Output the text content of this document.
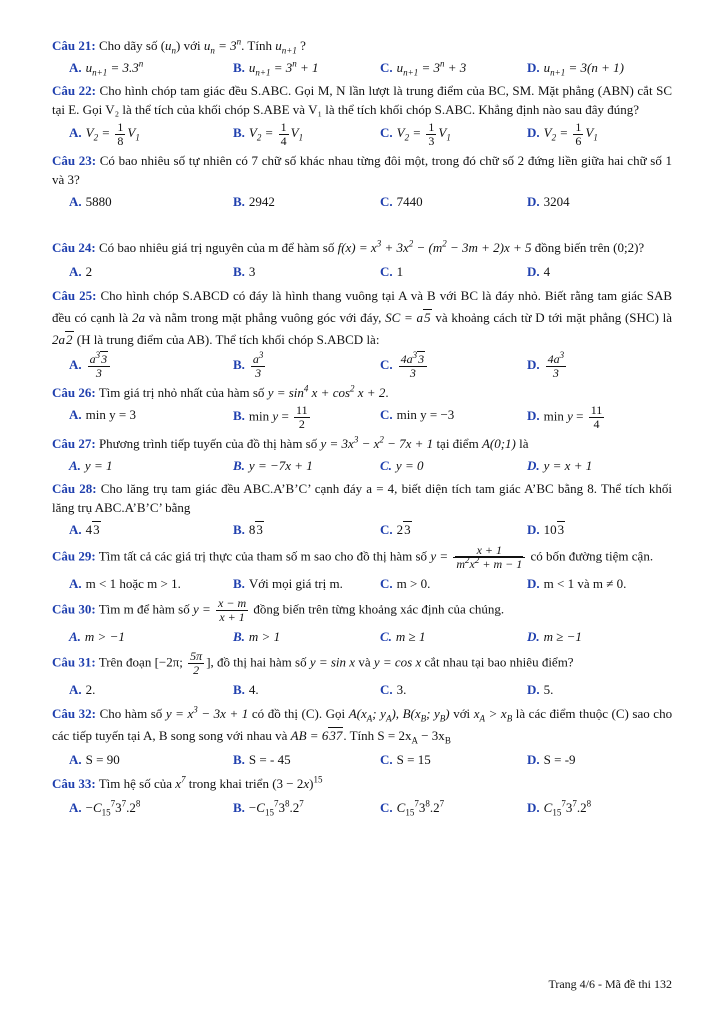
Câu 21: Cho dãy số $(u_n)$ với $u_n = 3^n$. Tính $u_{n+1}$ ?

A. $u_{n+1} = 3.3^n$	B. $u_{n+1} = 3^n + 1$	C. $u_{n+1} = 3^n + 3$	D. $u_{n+1} = 3(n + 1)$

Câu 22: Cho hình chóp tam giác đều S.ABC. Gọi M, N lần lượt là trung điểm của BC, SM. Mặt phẳng (ABN) cắt SC tại E. Gọi V₂ là thể tích của khối chóp S.ABE và V₁ là thể tích khối chóp S.ABC. Khẳng định nào sau đây đúng?

A. $V_2 = \frac{1}{8} V_1$	B. $V_2 = \frac{1}{4} V_1$	C. $V_2 = \frac{1}{3} V_1$	D. $V_2 = \frac{1}{6} V_1$

Câu 23: Có bao nhiêu số tự nhiên có 7 chữ số khác nhau từng đôi một, trong đó chữ số 2 đứng liền giữa hai chữ số 1 và 3?

A. 5880	B. 2942	C. 7440	D. 3204

Câu 24: Có bao nhiêu giá trị nguyên của m để hàm số $f(x) = x^3 + 3x^2 - (m^2 - 3m + 2)x + 5$ đồng biến trên (0;2)?

A. 2	B. 3	C. 1	D. 4

Câu 25: Cho hình chóp S.ABCD có đáy là hình thang vuông tại A và B với BC là đáy nhỏ. Biết rằng tam giác SAB đều có cạnh là 2a và nằm trong mặt phẳng vuông góc với đáy, SC = a5 và khoảng cách từ D tới mặt phẳng (SHC) là 2a2 (H là trung điểm của AB). Thể tích khối chóp S.ABCD là:

A. $\frac{a^33}{3}$	B. $\frac{a^3}{3}$	C. $\frac{4a^33}{3}$	D. $\frac{4a^3}{3}$

Câu 26: Tìm giá trị nhỏ nhất của hàm số $y = \sin^4 x + \cos^2 x + 2$.

A. min y = 3	B. $\min y = \frac{11}{2}$	C. min y = −3	D. $\min y = \frac{11}{4}$

Câu 27: Phương trình tiếp tuyến của đồ thị hàm số $y = 3x^3 - x^2 - 7x + 1$ tại điểm A(0;1) là

A. y = 1	B. y = −7x + 1	C. y = 0	D. y = x + 1

Câu 28: Cho lăng trụ tam giác đều ABC.A’B’C’ cạnh đáy a = 4, biết diện tích tam giác A’BC bằng 8. Thể tích khối lăng trụ ABC.A’B’C’ bằng

A. 43	B. 83	C. 23	D. 103

Câu 29: Tìm tất cả các giá trị thực của tham số m sao cho đồ thị hàm số $y = \frac{x + 1}{m^2x^2 + m - 1}$ có bốn đường tiệm cận.

A. m < 1 hoặc m > 1.	B. Với mọi giá trị m.	C. m > 0.	D. m < 1 và m ≠ 0.

Câu 30: Tìm m để hàm số $y = \frac{x - m}{x + 1}$ đồng biến trên từng khoảng xác định của chúng.

A. m > −1	B. m > 1	C. m ≥ 1	D. m ≥ −1

Câu 31: Trên đoạn [−2π; $\frac{5\pi}{2}$ ], đồ thị hai hàm số y = sin x và y = cos x cắt nhau tại bao nhiêu điểm?

A. 2.	B. 4.	C. 3.	D. 5.

Câu 32: Cho hàm số $y = x^3 - 3x + 1$ có đồ thị (C). Gọi $A(x_A$; $y_A$), $B(x_B$; $y_B$) với $x_A > x_B$ là các điểm thuộc (C) sao cho các tiếp tuyến tại A, B song song với nhau và AB = 637. Tính $S = 2x_A - 3x_B$

A. S = 90	B. S = - 45	C. S = 15	D. S = -9

Câu 33: Tìm hệ số của $x^7$ trong khai triển $(3 - 2x)^{15}$

A. $-C_{15}^73^7.2^8$	B. $-C_{15}^73^8.2^7$	C. $C_{15}^73^8.2^7$	D. $C_{15}^73^7.2^8$
Trang 4/6 - Mã đề thi 132
